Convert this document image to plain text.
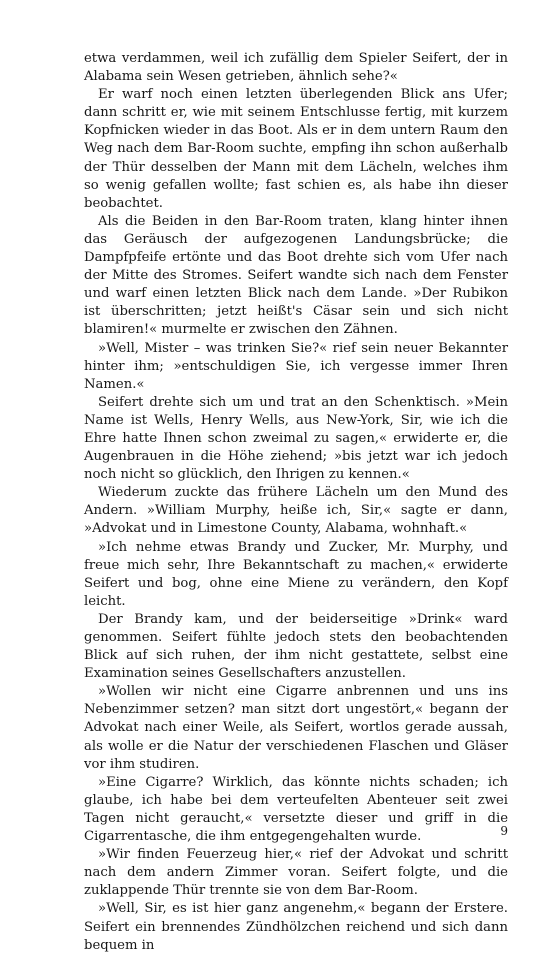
etwa verdammen, weil ich zufällig dem Spieler Seifert, der in Alabama sein Wesen getrieben, ähnlich sehe?«

Er warf noch einen letzten überlegenden Blick ans Ufer; dann schritt er, wie mit seinem Entschlusse fertig, mit kurzem Kopfnicken wieder in das Boot. Als er in dem untern Raum den Weg nach dem Bar-Room suchte, empfing ihn schon außerhalb der Thür desselben der Mann mit dem Lächeln, welches ihm so wenig gefallen wollte; fast schien es, als habe ihn dieser beobachtet.

Als die Beiden in den Bar-Room traten, klang hinter ihnen das Geräusch der aufgezogenen Landungsbrücke; die Dampfpfeife ertönte und das Boot drehte sich vom Ufer nach der Mitte des Stromes. Seifert wandte sich nach dem Fenster und warf einen letzten Blick nach dem Lande. »Der Rubikon ist überschritten; jetzt heißt's Cäsar sein und sich nicht blamiren!« murmelte er zwischen den Zähnen.

»Well, Mister – was trinken Sie?« rief sein neuer Bekannter hinter ihm; »entschuldigen Sie, ich vergesse immer Ihren Namen.«

Seifert drehte sich um und trat an den Schenktisch. »Mein Name ist Wells, Henry Wells, aus New-York, Sir, wie ich die Ehre hatte Ihnen schon zweimal zu sagen,« erwiderte er, die Augenbrauen in die Höhe ziehend; »bis jetzt war ich jedoch noch nicht so glücklich, den Ihrigen zu kennen.«

Wiederum zuckte das frühere Lächeln um den Mund des Andern. »William Murphy, heiße ich, Sir,« sagte er dann, »Advokat und in Limestone County, Alabama, wohnhaft.«

»Ich nehme etwas Brandy und Zucker, Mr. Murphy, und freue mich sehr, Ihre Bekanntschaft zu machen,« erwiderte Seifert und bog, ohne eine Miene zu verändern, den Kopf leicht.

Der Brandy kam, und der beiderseitige »Drink« ward genommen. Seifert fühlte jedoch stets den beobachtenden Blick auf sich ruhen, der ihm nicht gestattete, selbst eine Examination seines Gesellschafters anzustellen.

»Wollen wir nicht eine Cigarre anbrennen und uns ins Nebenzimmer setzen? man sitzt dort ungestört,« begann der Advokat nach einer Weile, als Seifert, wortlos gerade aussah, als wolle er die Natur der verschiedenen Flaschen und Gläser vor ihm studiren.

»Eine Cigarre? Wirklich, das könnte nichts schaden; ich glaube, ich habe bei dem verteufelten Abenteuer seit zwei Tagen nicht geraucht,« versetzte dieser und griff in die Cigarrentasche, die ihm entgegengehalten wurde.

»Wir finden Feuerzeug hier,« rief der Advokat und schritt nach dem andern Zimmer voran. Seifert folgte, und die zuklappende Thür trennte sie von dem Bar-Room.

»Well, Sir, es ist hier ganz angenehm,« begann der Erstere. Seifert ein brennendes Zündhölzchen reichend und sich dann bequem in

9
